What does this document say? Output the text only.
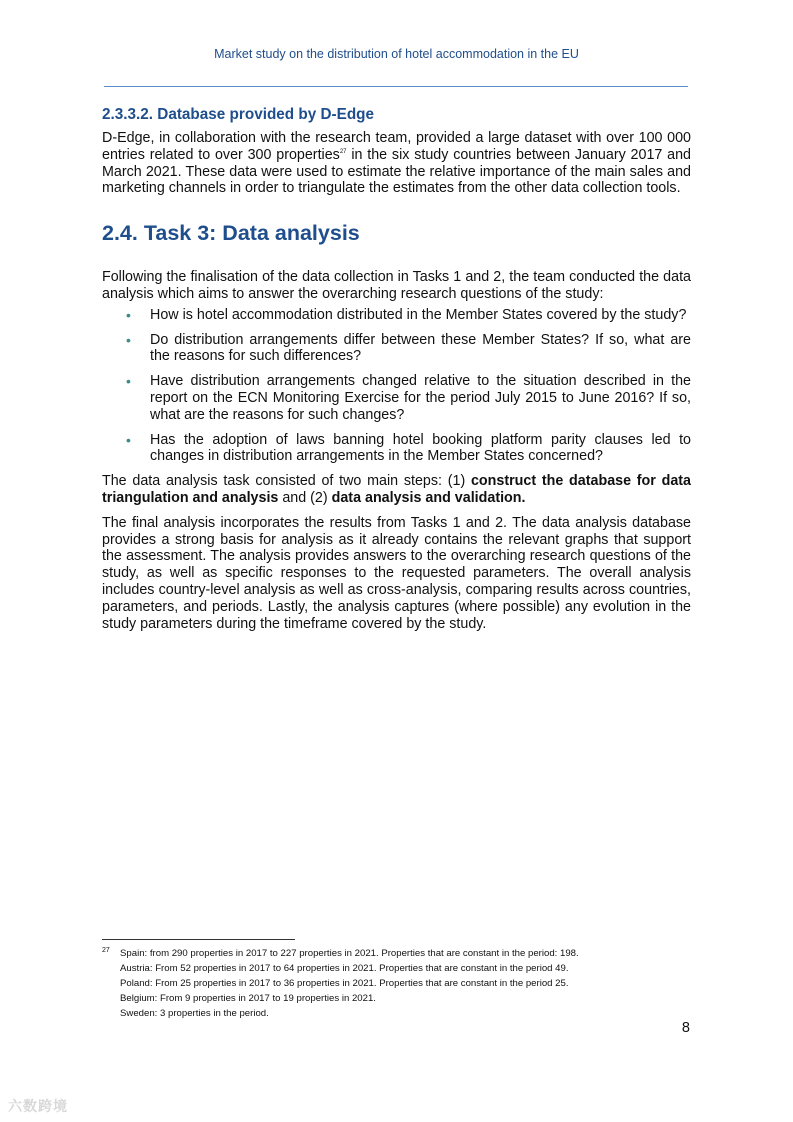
Market study on the distribution of hotel accommodation in the EU
2.3.3.2. Database provided by D-Edge

D-Edge, in collaboration with the research team, provided a large dataset with over 100 000 entries related to over 300 properties$^{27}$ in the six study countries between January 2017 and March 2021. These data were used to estimate the relative importance of the main sales and marketing channels in order to triangulate the estimates from the other data collection tools.

2.4. Task 3: Data analysis

Following the finalisation of the data collection in Tasks 1 and 2, the team conducted the data analysis which aims to answer the overarching research questions of the study:

• How is hotel accommodation distributed in the Member States covered by the study?
• Do distribution arrangements differ between these Member States? If so, what are the reasons for such differences?
• Have distribution arrangements changed relative to the situation described in the report on the ECN Monitoring Exercise for the period July 2015 to June 2016? If so, what are the reasons for such changes?
• Has the adoption of laws banning hotel booking platform parity clauses led to changes in distribution arrangements in the Member States concerned?

The data analysis task consisted of two main steps: (1) construct the database for data triangulation and analysis and (2) data analysis and validation.

The final analysis incorporates the results from Tasks 1 and 2. The data analysis database provides a strong basis for analysis as it already contains the relevant graphs that support the assessment. The analysis provides answers to the overarching research questions of the study, as well as specific responses to the requested parameters. The overall analysis includes country-level analysis as well as cross-analysis, comparing results across countries, parameters, and periods. Lastly, the analysis captures (where possible) any evolution in the study parameters during the timeframe covered by the study.

27 Spain: from 290 properties in 2017 to 227 properties in 2021. Properties that are constant in the period: 198.
Austria: From 52 properties in 2017 to 64 properties in 2021. Properties that are constant in the period 49.
Poland: From 25 properties in 2017 to 36 properties in 2021. Properties that are constant in the period 25.
Belgium: From 9 properties in 2017 to 19 properties in 2021.
Sweden: 3 properties in the period.
8
六数跨境
